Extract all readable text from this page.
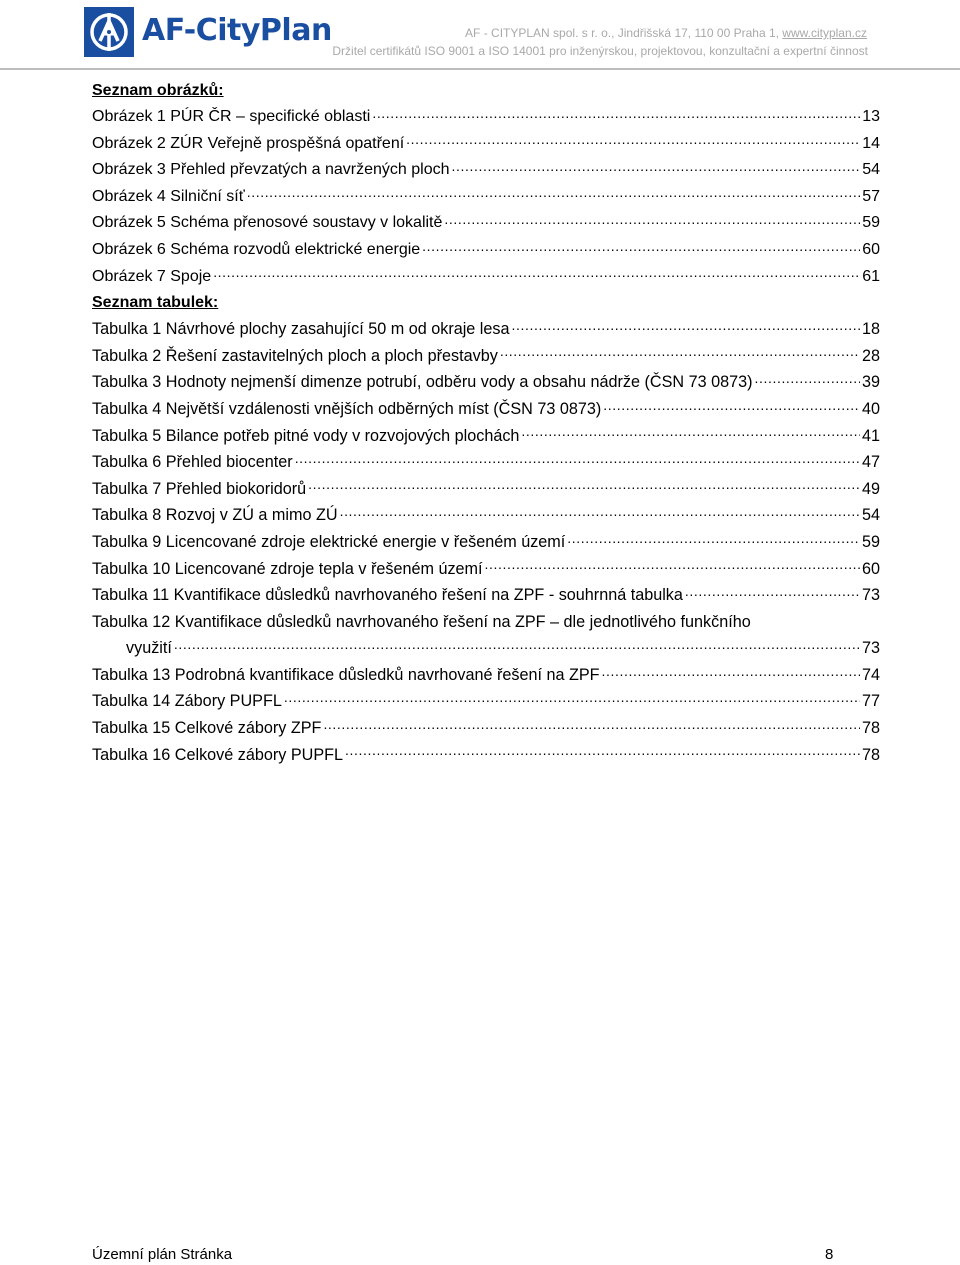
AF-CityPlan	AF - CITYPLAN spol. s r. o., Jindřišská 17, 110 00 Praha 1, www.cityplan.cz
Držitel certifikátů ISO 9001 a ISO 14001 pro inženýrskou, projektovou, konzultační a expertní činnost
Seznam obrázků:
Obrázek 1 PÚR ČR – specifické oblasti .....	13
Obrázek 2 ZÚR Veřejně prospěšná opatření .....	14
Obrázek 3 Přehled převzatých a navržených ploch .....	54
Obrázek 4 Silniční síť .....	57
Obrázek 5 Schéma přenosové soustavy v lokalitě .....	59
Obrázek 6 Schéma rozvodů elektrické energie .....	60
Obrázek 7 Spoje .....	61
Seznam tabulek:
Tabulka 1 Návrhové plochy zasahující 50 m od okraje lesa .....	18
Tabulka 2 Řešení zastavitelných ploch a ploch přestavby .....	28
Tabulka 3 Hodnoty nejmenší dimenze potrubí, odběru vody a obsahu nádrže (ČSN 73 0873) .....	39
Tabulka 4 Největší vzdálenosti vnějších odběrných míst (ČSN 73 0873) .....	40
Tabulka 5 Bilance potřeb pitné vody v rozvojových plochách .....	41
Tabulka 6 Přehled biocenter .....	47
Tabulka 7 Přehled biokoridorů .....	49
Tabulka 8 Rozvoj v ZÚ a mimo ZÚ .....	54
Tabulka 9 Licencované zdroje elektrické energie v řešeném území .....	59
Tabulka 10 Licencované zdroje tepla v řešeném území .....	60
Tabulka 11 Kvantifikace důsledků navrhovaného řešení na ZPF - souhrnná tabulka .....	73
Tabulka 12 Kvantifikace důsledků navrhovaného řešení na ZPF – dle jednotlivého funkčního
využití .....	73
Tabulka 13 Podrobná kvantifikace důsledků navrhované řešení na ZPF .....	74
Tabulka 14 Zábory PUPFL .....	77
Tabulka 15 Celkové zábory ZPF .....	78
Tabulka 16 Celkové zábory PUPFL .....	78
Územní plán Stránka	8
